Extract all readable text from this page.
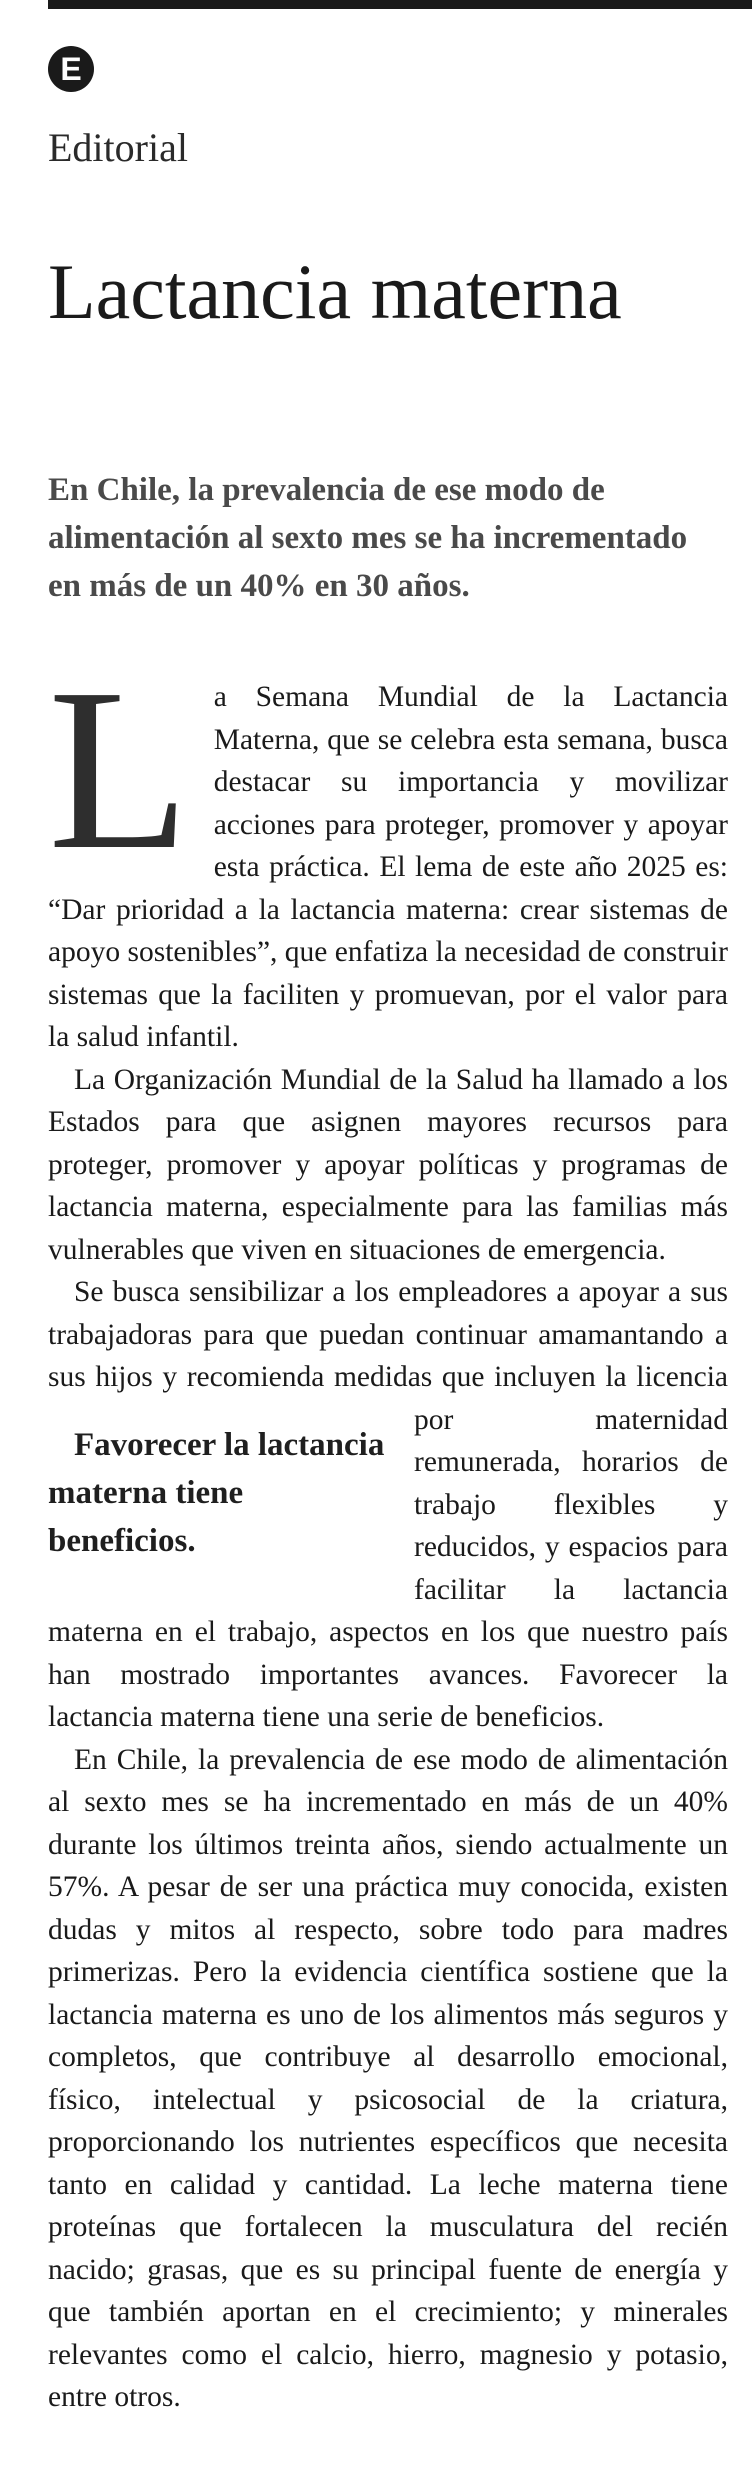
E
Editorial
Lactancia materna
En Chile, la prevalencia de ese modo de alimentación al sexto mes se ha incrementado en más de un 40% en 30 años.

La Semana Mundial de la Lactancia Materna, que se celebra esta semana, busca destacar su importancia y movilizar acciones para proteger, promover y apoyar esta práctica. El lema de este año 2025 es: “Dar prioridad a la lactancia materna: crear sistemas de apoyo sostenibles”, que enfatiza la necesidad de construir sistemas que la faciliten y promuevan, por el valor para la salud infantil.

La Organización Mundial de la Salud ha llamado a los Estados para que asignen mayores recursos para proteger, promover y apoyar políticas y programas de lactancia materna, especialmente para las familias más vulnerables que viven en situaciones de emergencia.

Se busca sensibilizar a los empleadores a apoyar a sus trabajadoras para que puedan continuar amamantando a sus hijos y recomienda medidas que
Favorecer la lactancia materna tiene beneficios.
incluyen la licencia por maternidad remunerada, horarios de trabajo flexibles y reducidos, y espacios para facilitar la lactancia materna en el trabajo, aspectos en los que nuestro país han mostrado importantes avances. Favorecer la lactancia materna tiene una serie de beneficios.

En Chile, la prevalencia de ese modo de alimentación al sexto mes se ha incrementado en más de un 40% durante los últimos treinta años, siendo actualmente un 57%. A pesar de ser una práctica muy conocida, existen dudas y mitos al respecto, sobre todo para madres primerizas. Pero la evidencia científica sostiene que la lactancia materna es uno de los alimentos más seguros y completos, que contribuye al desarrollo emocional, físico, intelectual y psicosocial de la criatura, proporcionando los nutrientes específicos que necesita tanto en calidad y cantidad. La leche materna tiene proteínas que fortalecen la musculatura del recién nacido; grasas, que es su principal fuente de energía y que también aportan en el crecimiento; y minerales relevantes como el calcio, hierro, magnesio y potasio, entre otros.
